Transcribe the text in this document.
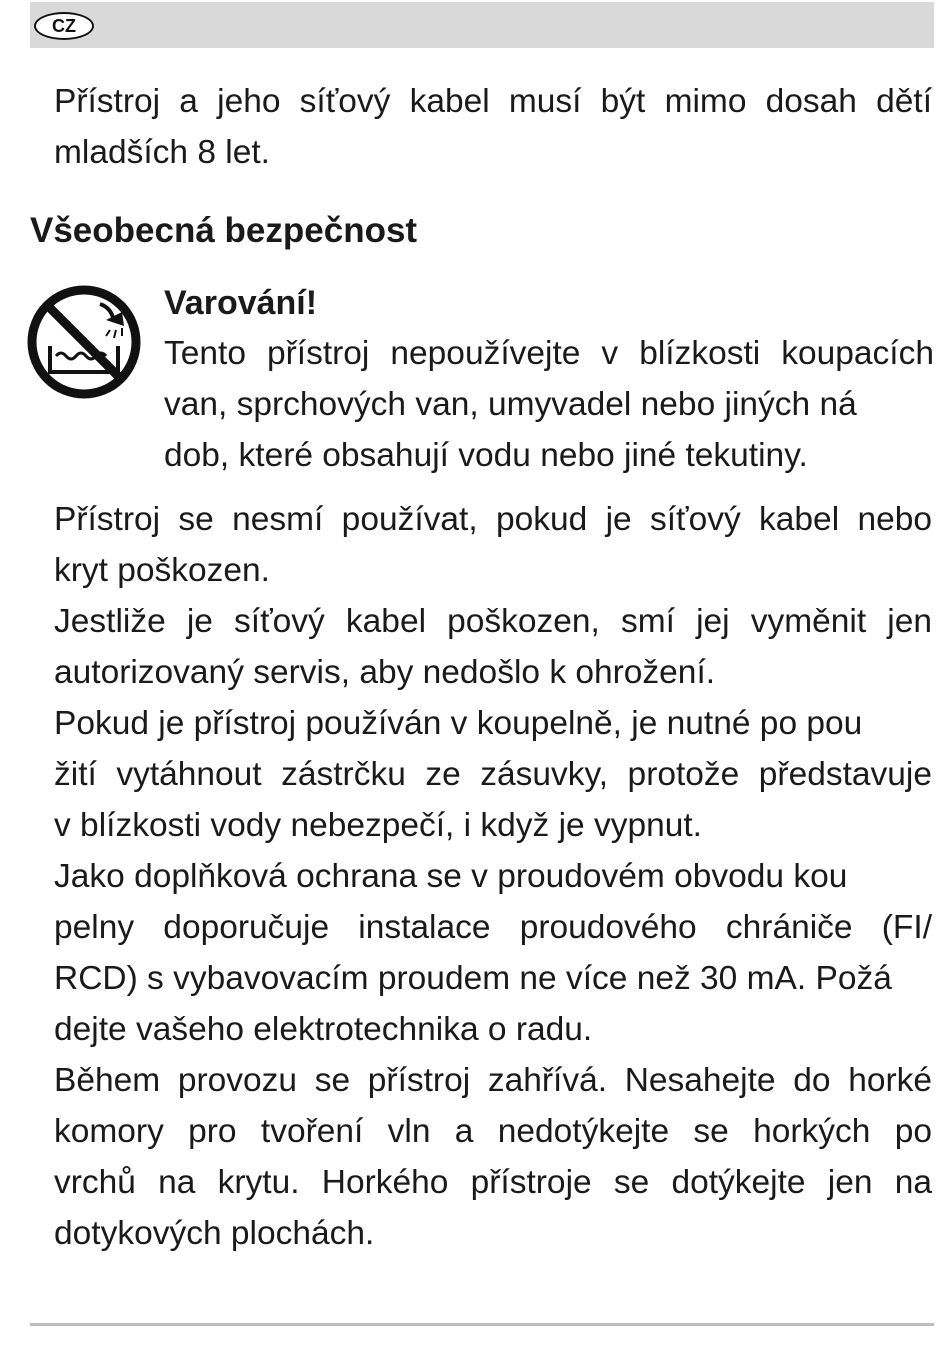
CZ
Přístroj a jeho síťový kabel musí být mimo dosah dětí
mladších 8 let.
Všeobecná bezpečnost
Varování!
Tento přístroj nepoužívejte v blízkosti koupacích
van, sprchových van, umyvadel nebo jiných ná
dob, které obsahují vodu nebo jiné tekutiny.
Přístroj se nesmí používat, pokud je síťový kabel nebo
kryt poškozen.
Jestliže je síťový kabel poškozen, smí jej vyměnit jen
autorizovaný servis, aby nedošlo k ohrožení.
Pokud je přístroj používán v koupelně, je nutné po pou
žití vytáhnout zástrčku ze zásuvky, protože představuje
v blízkosti vody nebezpečí, i když je vypnut.
Jako doplňková ochrana se v proudovém obvodu kou
pelny doporučuje instalace proudového chrániče (FI/
RCD) s vybavovacím proudem ne více než 30 mA. Požá
dejte vašeho elektrotechnika o radu.
Během provozu se přístroj zahřívá. Nesahejte do horké
komory pro tvoření vln a nedotýkejte se horkých po
vrchů na krytu. Horkého přístroje se dotýkejte jen na
dotykových plochách.
